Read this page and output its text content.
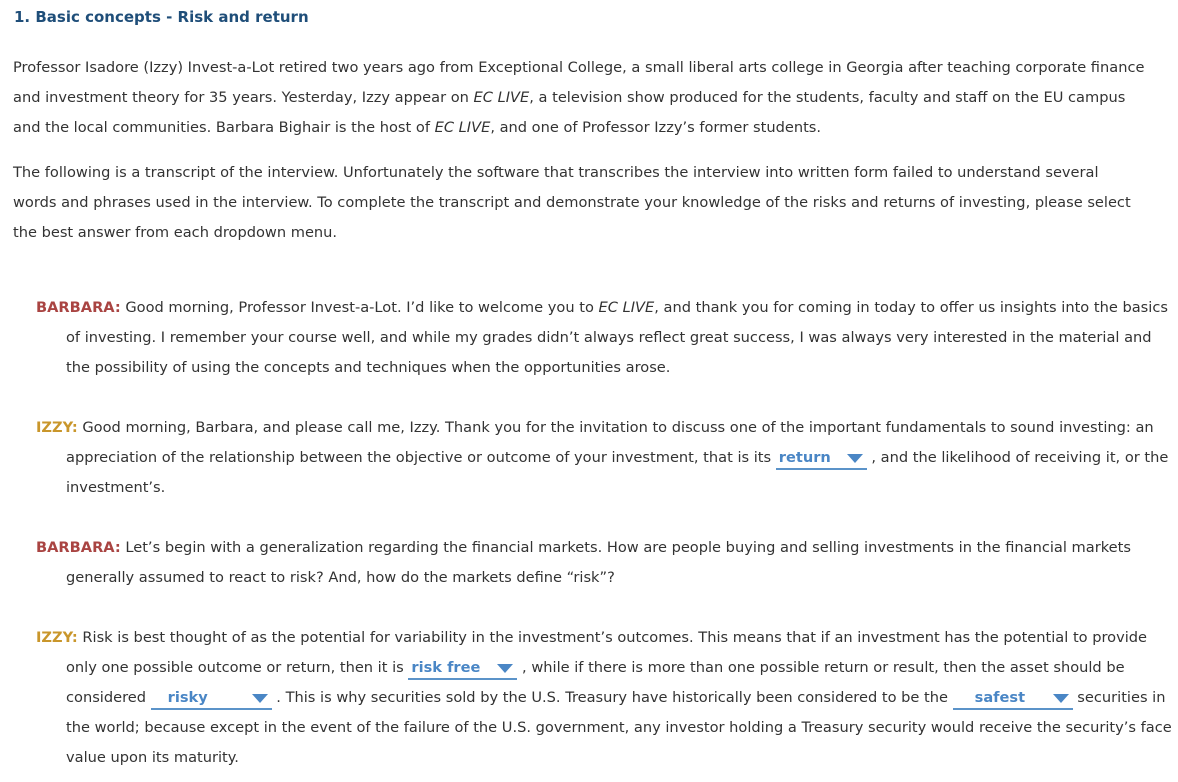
1. Basic concepts - Risk and return

Professor Isadore (Izzy) Invest-a-Lot retired two years ago from Exceptional College, a small liberal arts college in Georgia after teaching corporate finance and investment theory for 35 years. Yesterday, Izzy appear on EC LIVE, a television show produced for the students, faculty and staff on the EU campus and the local communities. Barbara Bighair is the host of EC LIVE, and one of Professor Izzy’s former students.

The following is a transcript of the interview. Unfortunately the software that transcribes the interview into written form failed to understand several words and phrases used in the interview. To complete the transcript and demonstrate your knowledge of the risks and returns of investing, please select the best answer from each dropdown menu.

BARBARA: Good morning, Professor Invest-a-Lot. I’d like to welcome you to EC LIVE, and thank you for coming in today to offer us insights into the basics of investing. I remember your course well, and while my grades didn’t always reflect great success, I was always very interested in the material and the possibility of using the concepts and techniques when the opportunities arose.

IZZY: Good morning, Barbara, and please call me, Izzy. Thank you for the invitation to discuss one of the important fundamentals to sound investing: an appreciation of the relationship between the objective or outcome of your investment, that is its return
, and the likelihood of receiving it, or the investment’s.

BARBARA: Let’s begin with a generalization regarding the financial markets. How are people buying and selling investments in the financial markets generally assumed to react to risk? And, how do the markets define “risk”?

IZZY: Risk is best thought of as the potential for variability in the investment’s outcomes. This means that if an investment has the potential to provide only one possible outcome or return, then it is risk free	, while if there is more than one possible return or result, then the asset should be considered risky	. This is why securities sold by the U.S. Treasury have historically been considered to be the safest	securities in the world; because except in the event of the failure of the U.S. government, any investor holding a Treasury security would receive the security’s face value upon its maturity.
